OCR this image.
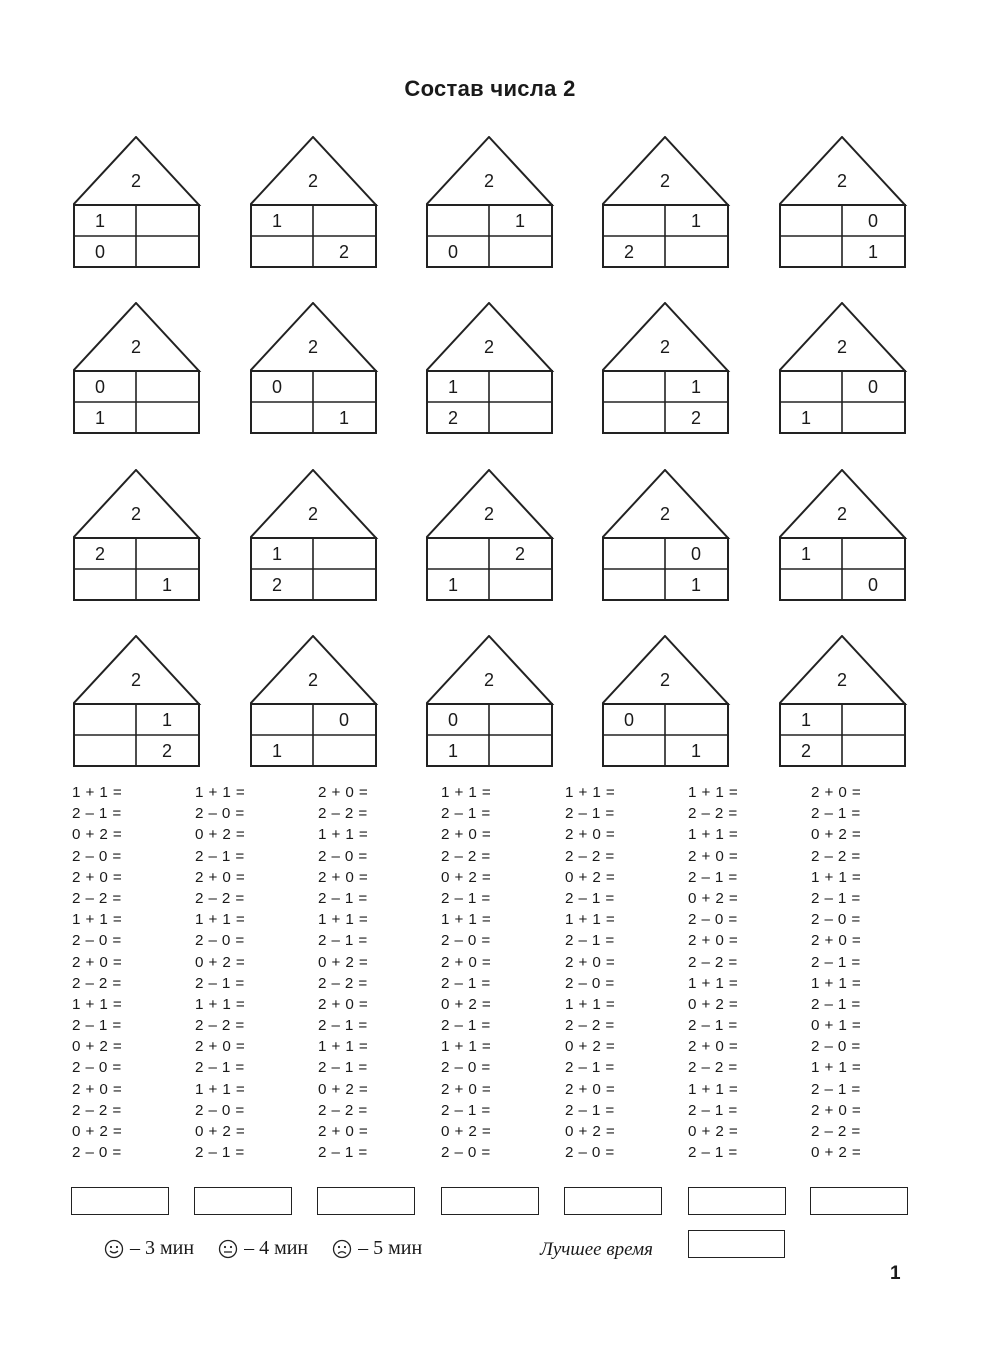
Состав числа 2
2
1
0
2
1
2
2
1
0
2
1
2
2
0
1
2
0
1
2
0
1
2
1
2
2
1
2
2
0
1
2
2
1
2
1
2
2
2
1
2
0
1
2
1
0
2
1
2
2
0
1
2
0
1
2
0
1
2
1
2
1 + 1 =
2 – 1 =
0 + 2 =
2 – 0 =
2 + 0 =
2 – 2 =
1 + 1 =
2 – 0 =
2 + 0 =
2 – 2 =
1 + 1 =
2 – 1 =
0 + 2 =
2 – 0 =
2 + 0 =
2 – 2 =
0 + 2 =
2 – 0 =
1 + 1 =
2 – 0 =
0 + 2 =
2 – 1 =
2 + 0 =
2 – 2 =
1 + 1 =
2 – 0 =
0 + 2 =
2 – 1 =
1 + 1 =
2 – 2 =
2 + 0 =
2 – 1 =
1 + 1 =
2 – 0 =
0 + 2 =
2 – 1 =
2 + 0 =
2 – 2 =
1 + 1 =
2 – 0 =
2 + 0 =
2 – 1 =
1 + 1 =
2 – 1 =
0 + 2 =
2 – 2 =
2 + 0 =
2 – 1 =
1 + 1 =
2 – 1 =
0 + 2 =
2 – 2 =
2 + 0 =
2 – 1 =
1 + 1 =
2 – 1 =
2 + 0 =
2 – 2 =
0 + 2 =
2 – 1 =
1 + 1 =
2 – 0 =
2 + 0 =
2 – 1 =
0 + 2 =
2 – 1 =
1 + 1 =
2 – 0 =
2 + 0 =
2 – 1 =
0 + 2 =
2 – 0 =
1 + 1 =
2 – 1 =
2 + 0 =
2 – 2 =
0 + 2 =
2 – 1 =
1 + 1 =
2 – 1 =
2 + 0 =
2 – 0 =
1 + 1 =
2 – 2 =
0 + 2 =
2 – 1 =
2 + 0 =
2 – 1 =
0 + 2 =
2 – 0 =
1 + 1 =
2 – 2 =
1 + 1 =
2 + 0 =
2 – 1 =
0 + 2 =
2 – 0 =
2 + 0 =
2 – 2 =
1 + 1 =
0 + 2 =
2 – 1 =
2 + 0 =
2 – 2 =
1 + 1 =
2 – 1 =
0 + 2 =
2 – 1 =
2 + 0 =
2 – 1 =
0 + 2 =
2 – 2 =
1 + 1 =
2 – 1 =
2 – 0 =
2 + 0 =
2 – 1 =
1 + 1 =
2 – 1 =
0 + 1 =
2 – 0 =
1 + 1 =
2 – 1 =
2 + 0 =
2 – 2 =
0 + 2 =
– 3 мин	– 4 мин	– 5 мин	Лучшее время
1
